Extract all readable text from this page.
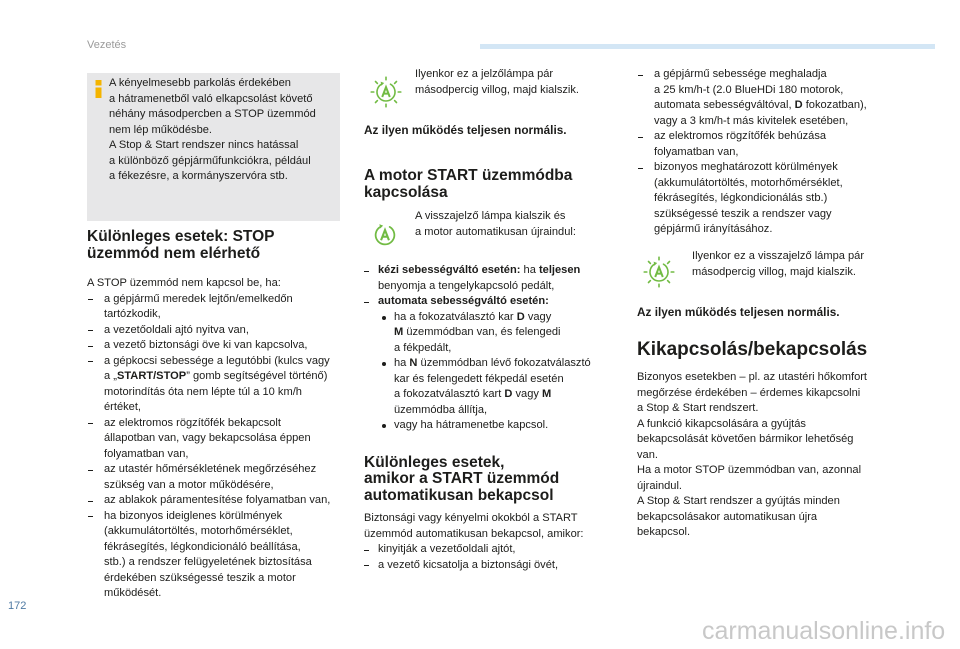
Vezetés
A kényelmesebb parkolás érdekében
a hátramenetből való elkapcsolást követő
néhány másodpercben a STOP üzemmód
nem lép működésbe.
A Stop & Start rendszer nincs hatással
a különböző gépjárműfunkciókra, például
a fékezésre, a kormányszervóra stb.
Különleges esetek: STOP
üzemmód nem elérhető
A STOP üzemmód nem kapcsol be, ha:
a gépjármű meredek lejtőn/emelkedőn
tartózkodik,
a vezetőoldali ajtó nyitva van,
a vezető biztonsági öve ki van kapcsolva,
a gépkocsi sebessége a legutóbbi (kulcs vagy
a „START/STOP” gomb segítségével történő)
motorindítás óta nem lépte túl a 10 km/h
értéket,
az elektromos rögzítőfék bekapcsolt
állapotban van, vagy bekapcsolása éppen
folyamatban van,
az utastér hőmérsékletének megőrzéséhez
szükség van a motor működésére,
az ablakok páramentesítése folyamatban van,
ha bizonyos ideiglenes körülmények
(akkumulátortöltés, motorhőmérséklet,
fékrásegítés, légkondicionáló beállítása,
stb.) a rendszer felügyeletének biztosítása
érdekében szükségessé teszik a motor
működését.
Ilyenkor ez a jelzőlámpa pár
másodpercig villog, majd kialszik.
Az ilyen működés teljesen normális.
A motor START üzemmódba
kapcsolása
A visszajelző lámpa kialszik és
a motor automatikusan újraindul:
kézi sebességváltó esetén: ha teljesen
benyomja a tengelykapcsoló pedált,
automata sebességváltó esetén:
ha a fokozatválasztó kar D vagy
M üzemmódban van, és felengedi
a fékpedált,
ha N üzemmódban lévő fokozatválasztó
kar és felengedett fékpedál esetén
a fokozatválasztó kart D vagy M
üzemmódba állítja,
vagy ha hátramenetbe kapcsol.
Különleges esetek,
amikor a START üzemmód
automatikusan bekapcsol
Biztonsági vagy kényelmi okokból a START
üzemmód automatikusan bekapcsol, amikor:
kinyitják a vezetőoldali ajtót,
a vezető kicsatolja a biztonsági övét,
a gépjármű sebessége meghaladja
a 25 km/h-t (2.0 BlueHDi 180 motorok,
automata sebességváltóval, D fokozatban),
vagy a 3 km/h-t más kivitelek esetében,
az elektromos rögzítőfék behúzása
folyamatban van,
bizonyos meghatározott körülmények
(akkumulátortöltés, motorhőmérséklet,
fékrásegítés, légkondicionálás stb.)
szükségessé teszik a rendszer vagy
gépjármű irányításához.
Ilyenkor ez a visszajelző lámpa pár
másodpercig villog, majd kialszik.
Az ilyen működés teljesen normális.
Kikapcsolás/bekapcsolás
Bizonyos esetekben – pl. az utastéri hőkomfort
megőrzése érdekében – érdemes kikapcsolni
a Stop & Start rendszert.
A funkció kikapcsolására a gyújtás
bekapcsolását követően bármikor lehetőség
van.
Ha a motor STOP üzemmódban van, azonnal
újraindul.
A Stop & Start rendszer a gyújtás minden
bekapcsolásakor automatikusan újra
bekapcsol.
172
carmanualsonline.info
